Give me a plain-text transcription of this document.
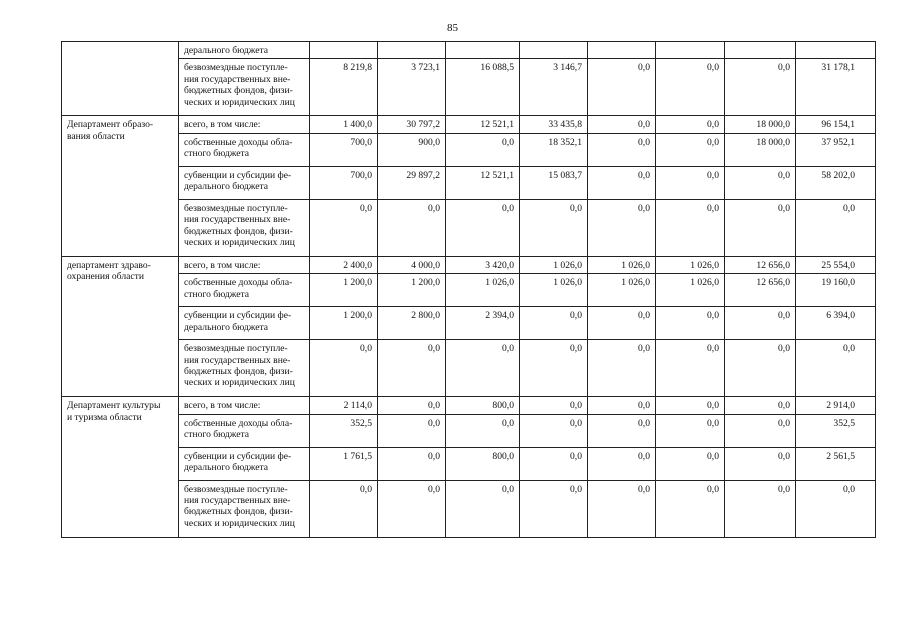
85
	дерального бюджета								
	безвозмездные поступле-
ния государственных вне-
бюджетных фондов, физи-
ческих и юридических лиц	8 219,8	3 723,1	16 088,5	3 146,7	0,0	0,0	0,0	31 178,1
Департамент образо-
вания области	всего, в том числе:	1 400,0	30 797,2	12 521,1	33 435,8	0,0	0,0	18 000,0	96 154,1
	собственные доходы обла-
стного бюджета	700,0	900,0	0,0	18 352,1	0,0	0,0	18 000,0	37 952,1
	субвенции и субсидии фе-
дерального бюджета	700,0	29 897,2	12 521,1	15 083,7	0,0	0,0	0,0	58 202,0
	безвозмездные поступле-
ния государственных вне-
бюджетных фондов, физи-
ческих и юридических лиц	0,0	0,0	0,0	0,0	0,0	0,0	0,0	0,0
департамент здраво-
охранения области	всего, в том числе:	2 400,0	4 000,0	3 420,0	1 026,0	1 026,0	1 026,0	12 656,0	25 554,0
	собственные доходы обла-
стного бюджета	1 200,0	1 200,0	1 026,0	1 026,0	1 026,0	1 026,0	12 656,0	19 160,0
	субвенции и субсидии фе-
дерального бюджета	1 200,0	2 800,0	2 394,0	0,0	0,0	0,0	0,0	6 394,0
	безвозмездные поступле-
ния государственных вне-
бюджетных фондов, физи-
ческих и юридических лиц	0,0	0,0	0,0	0,0	0,0	0,0	0,0	0,0
Департамент культуры
и туризма области	всего, в том числе:	2 114,0	0,0	800,0	0,0	0,0	0,0	0,0	2 914,0
	собственные доходы обла-
стного бюджета	352,5	0,0	0,0	0,0	0,0	0,0	0,0	352,5
	субвенции и субсидии фе-
дерального бюджета	1 761,5	0,0	800,0	0,0	0,0	0,0	0,0	2 561,5
	безвозмездные поступле-
ния государственных вне-
бюджетных фондов, физи-
ческих и юридических лиц	0,0	0,0	0,0	0,0	0,0	0,0	0,0	0,0
